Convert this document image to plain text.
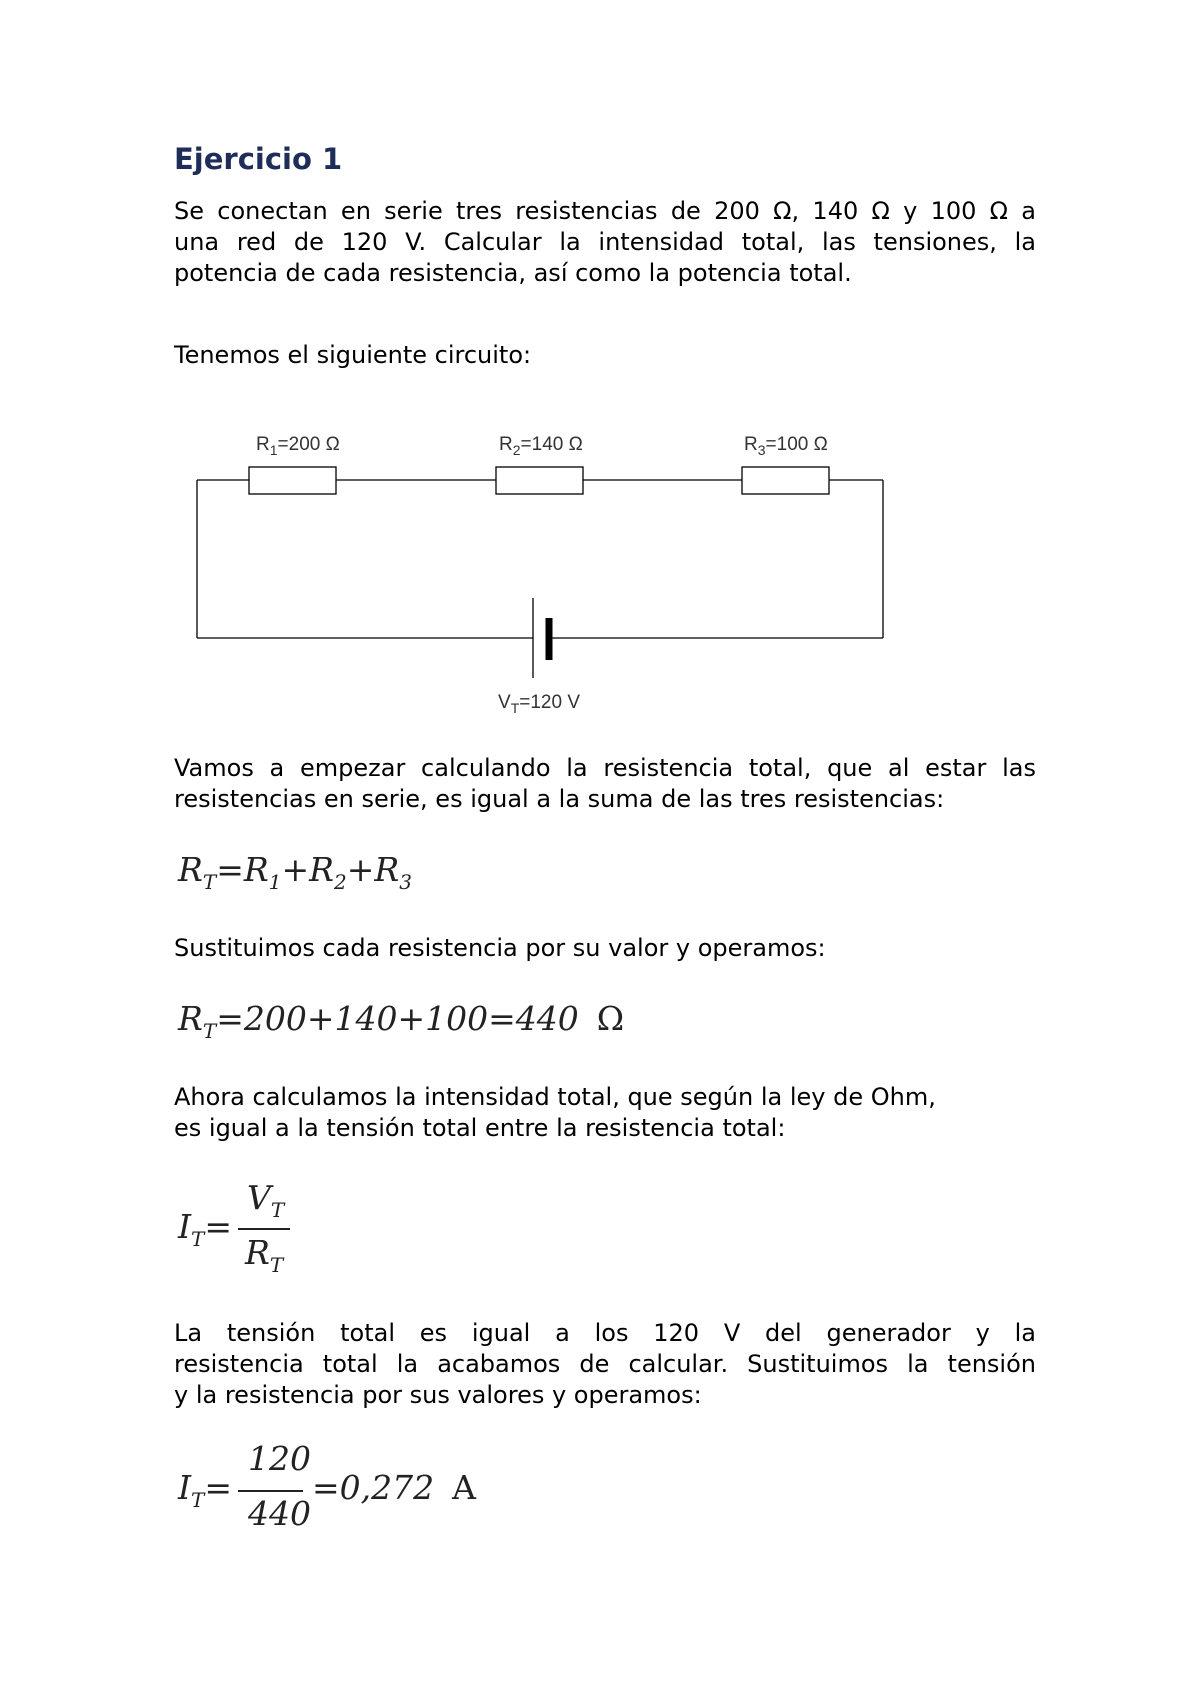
Ejercicio 1
Se conectan en serie tres resistencias de 200 Ω, 140 Ω y 100 Ω a
una red de 120 V. Calcular la intensidad total, las tensiones, la
potencia de cada resistencia, así como la potencia total.
Tenemos el siguiente circuito:
$R_1=200$ Ω	$R_2=140$ Ω	$R_3=100$ Ω
$V_T=120$ V
Vamos a empezar calculando la resistencia total, que al estar las
resistencias en serie, es igual a la suma de las tres resistencias:
$R_T=R_1+R_2+R_3$
Sustituimos cada resistencia por su valor y operamos:
$R_T=200+140+100=440$ Ω
Ahora calculamos la intensidad total, que según la ley de Ohm,
es igual a la tensión total entre la resistencia total:
$I_T=$
$V_T$
$R_T$
La tensión total es igual a los 120 V del generador y la
resistencia total la acabamos de calcular. Sustituimos la tensión
y la resistencia por sus valores y operamos:
$I_T=$
120
440
=0,272 A
